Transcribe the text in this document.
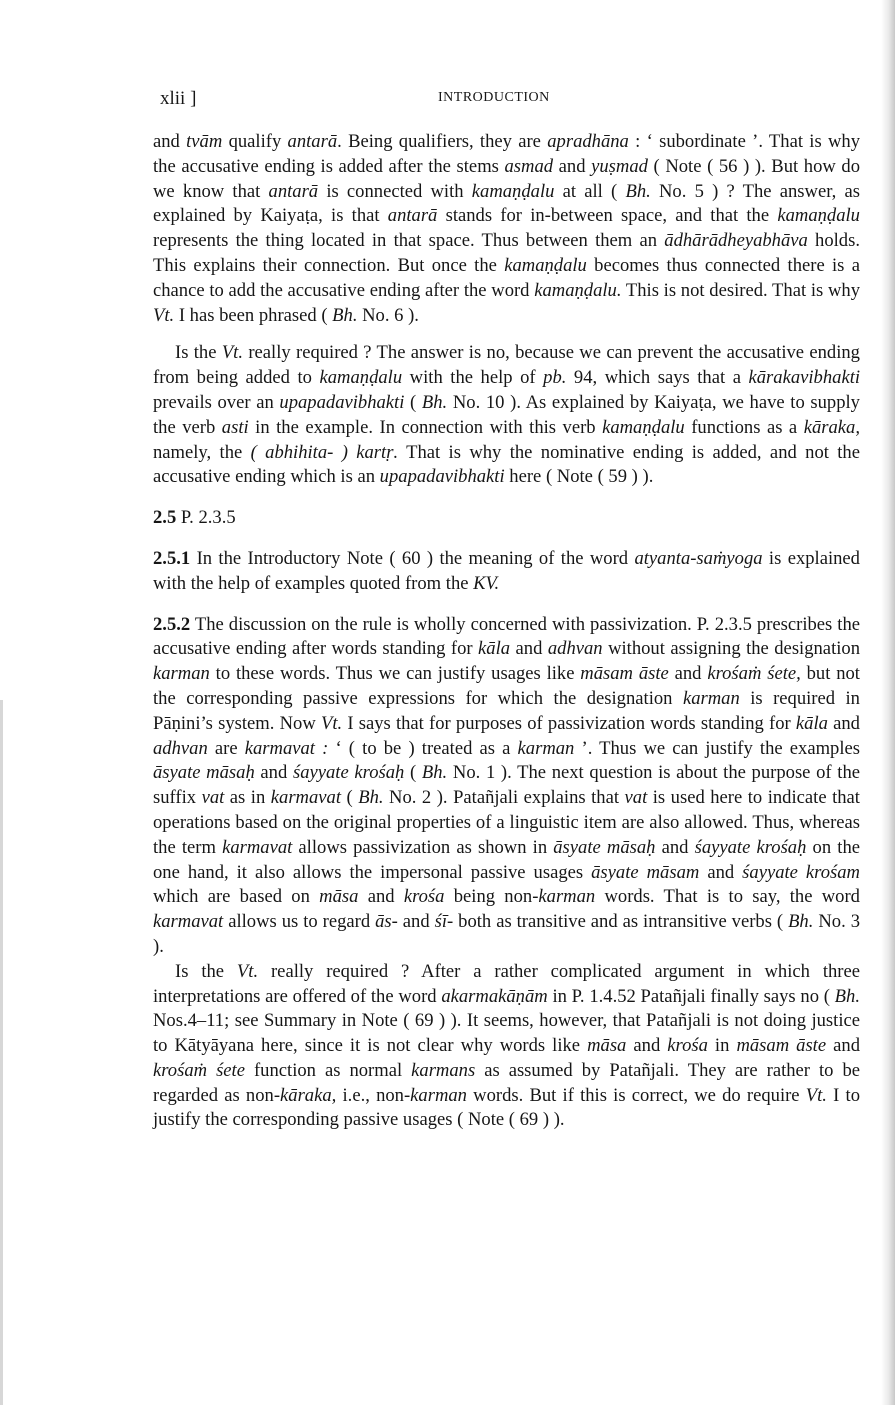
xlii ]	INTRODUCTION

and tvām qualify antarā. Being qualifiers, they are apradhāna : ‘ subordinate ’. That is why the accusative ending is added after the stems asmad and yuṣmad ( Note ( 56 ) ). But how do we know that antarā is connected with kamaṇḍalu at all ( Bh. No. 5 ) ? The answer, as explained by Kaiyaṭa, is that antarā stands for in-between space, and that the kamaṇḍalu represents the thing located in that space. Thus between them an ādhārādheyabhāva holds. This explains their connection. But once the kamaṇḍalu becomes thus connected there is a chance to add the accusative ending after the word kamaṇḍalu. This is not desired. That is why Vt. I has been phrased ( Bh. No. 6 ).

Is the Vt. really required ? The answer is no, because we can prevent the accusative ending from being added to kamaṇḍalu with the help of pb. 94, which says that a kārakavibhakti prevails over an upapadavibhakti ( Bh. No. 10 ). As explained by Kaiyaṭa, we have to supply the verb asti in the example. In connection with this verb kamaṇḍalu functions as a kāraka, namely, the ( abhihita- ) kartṛ. That is why the nominative ending is added, and not the accusative ending which is an upapadavibhakti here ( Note ( 59 ) ).

2.5 P. 2.3.5

2.5.1 In the Introductory Note ( 60 ) the meaning of the word atyanta-saṁyoga is explained with the help of examples quoted from the KV.

2.5.2 The discussion on the rule is wholly concerned with passivization. P. 2.3.5 prescribes the accusative ending after words standing for kāla and adhvan without assigning the designation karman to these words. Thus we can justify usages like māsam āste and krośaṁ śete, but not the corresponding passive expressions for which the designation karman is required in Pāṇini’s system. Now Vt. I says that for purposes of passivization words standing for kāla and adhvan are karmavat : ‘ ( to be ) treated as a karman ’. Thus we can justify the examples āsyate māsaḥ and śayyate krośaḥ ( Bh. No. 1 ). The next question is about the purpose of the suffix vat as in karmavat ( Bh. No. 2 ). Patañjali explains that vat is used here to indicate that operations based on the original properties of a linguistic item are also allowed. Thus, whereas the term karmavat allows passivization as shown in āsyate māsaḥ and śayyate krośaḥ on the one hand, it also allows the impersonal passive usages āsyate māsam and śayyate krośam which are based on māsa and krośa being non-karman words. That is to say, the word karmavat allows us to regard ās- and śī- both as transitive and as intransitive verbs ( Bh. No. 3 ).

Is the Vt. really required ? After a rather complicated argument in which three interpretations are offered of the word akarmakāṇām in P. 1.4.52 Patañjali finally says no ( Bh. Nos.4–11; see Summary in Note ( 69 ) ). It seems, however, that Patañjali is not doing justice to Kātyāyana here, since it is not clear why words like māsa and krośa in māsam āste and krośaṁ śete function as normal karmans as assumed by Patañjali. They are rather to be regarded as non-kāraka, i.e., non-karman words. But if this is correct, we do require Vt. I to justify the corresponding passive usages ( Note ( 69 ) ).
